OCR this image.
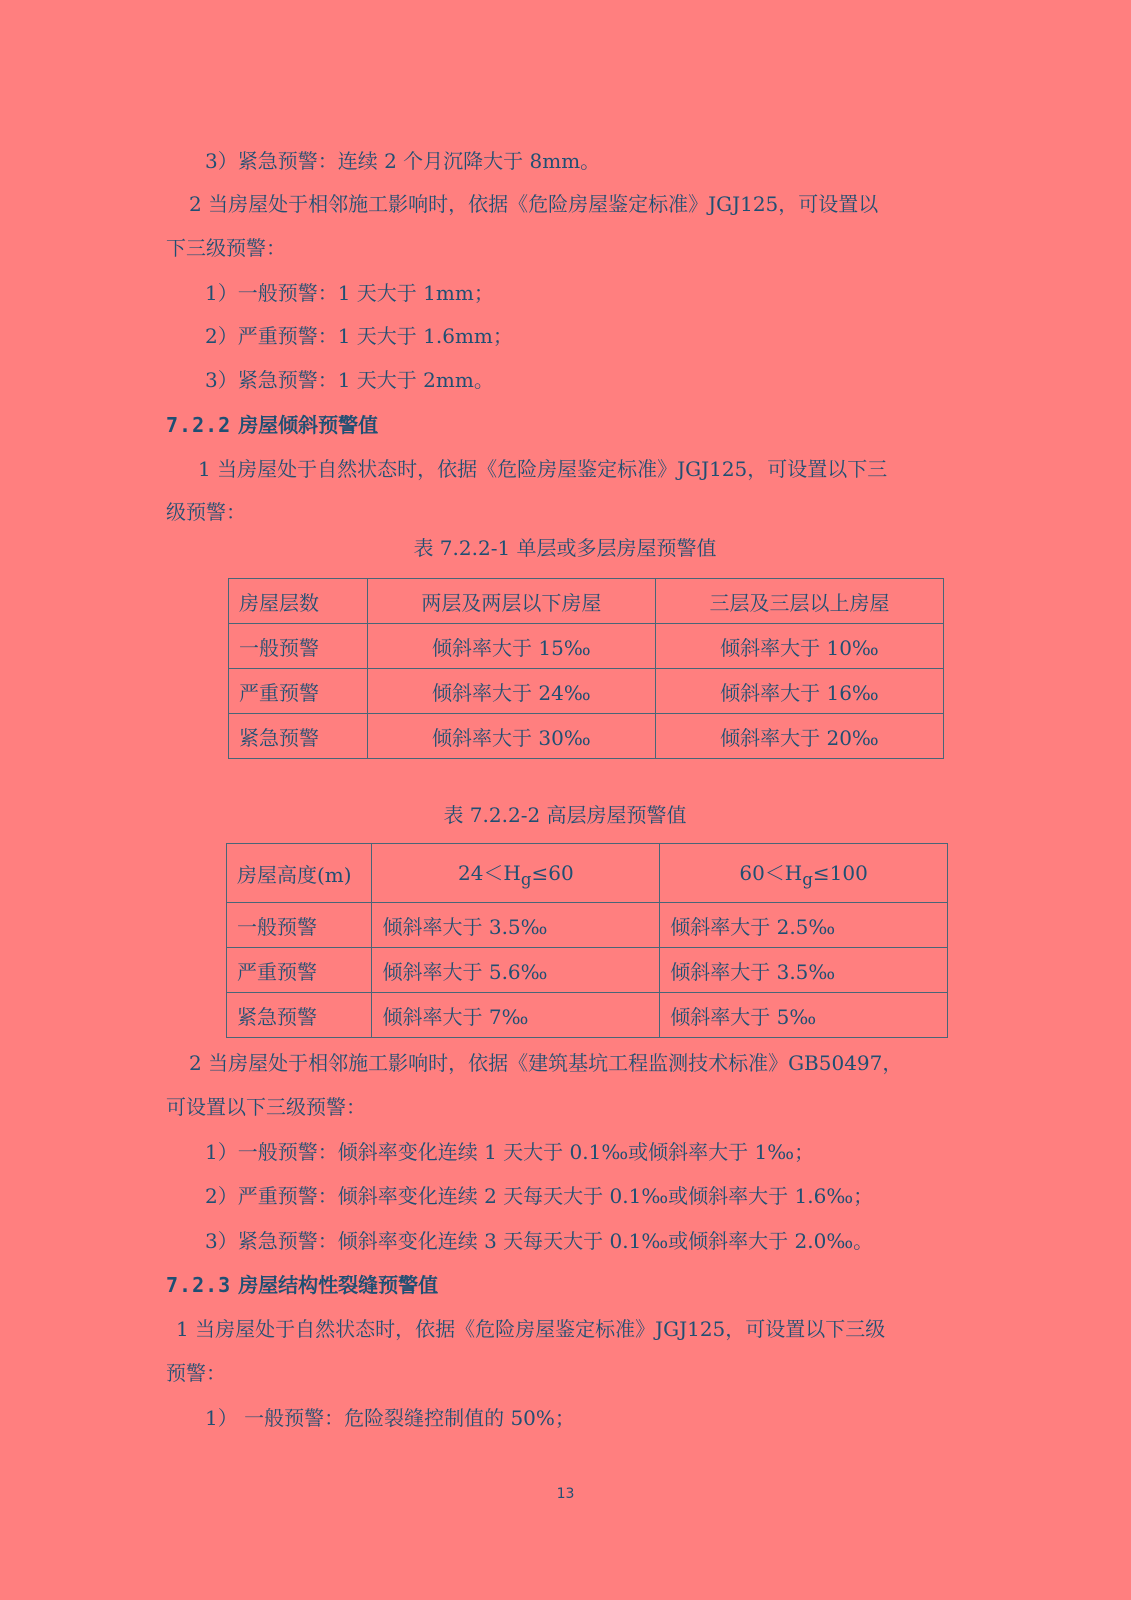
3）紧急预警：连续 2 个月沉降大于 8mm。
2 当房屋处于相邻施工影响时，依据《危险房屋鉴定标准》JGJ125，可设置以
下三级预警：
1）一般预警：1 天大于 1mm；
2）严重预警：1 天大于 1.6mm；
3）紧急预警：1 天大于 2mm。
7.2.2 房屋倾斜预警值
1 当房屋处于自然状态时，依据《危险房屋鉴定标准》JGJ125，可设置以下三
级预警：
表 7.2.2-1 单层或多层房屋预警值
房屋层数	两层及两层以下房屋	三层及三层以上房屋
一般预警	倾斜率大于 15‰	倾斜率大于 10‰
严重预警	倾斜率大于 24‰	倾斜率大于 16‰
紧急预警	倾斜率大于 30‰	倾斜率大于 20‰
表 7.2.2-2 高层房屋预警值
房屋高度(m)	$24<H_g\le 60$	$60<H_g\le 100$
一般预警	倾斜率大于 3.5‰	倾斜率大于 2.5‰
严重预警	倾斜率大于 5.6‰	倾斜率大于 3.5‰
紧急预警	倾斜率大于 7‰	倾斜率大于 5‰
2 当房屋处于相邻施工影响时，依据《建筑基坑工程监测技术标准》GB50497，
可设置以下三级预警：
1）一般预警：倾斜率变化连续 1 天大于 0.1‰或倾斜率大于 1‰；
2）严重预警：倾斜率变化连续 2 天每天大于 0.1‰或倾斜率大于 1.6‰；
3）紧急预警：倾斜率变化连续 3 天每天大于 0.1‰或倾斜率大于 2.0‰。
7.2.3 房屋结构性裂缝预警值
1 当房屋处于自然状态时，依据《危险房屋鉴定标准》JGJ125，可设置以下三级
预警：
1） 一般预警：危险裂缝控制值的 50%；
13
